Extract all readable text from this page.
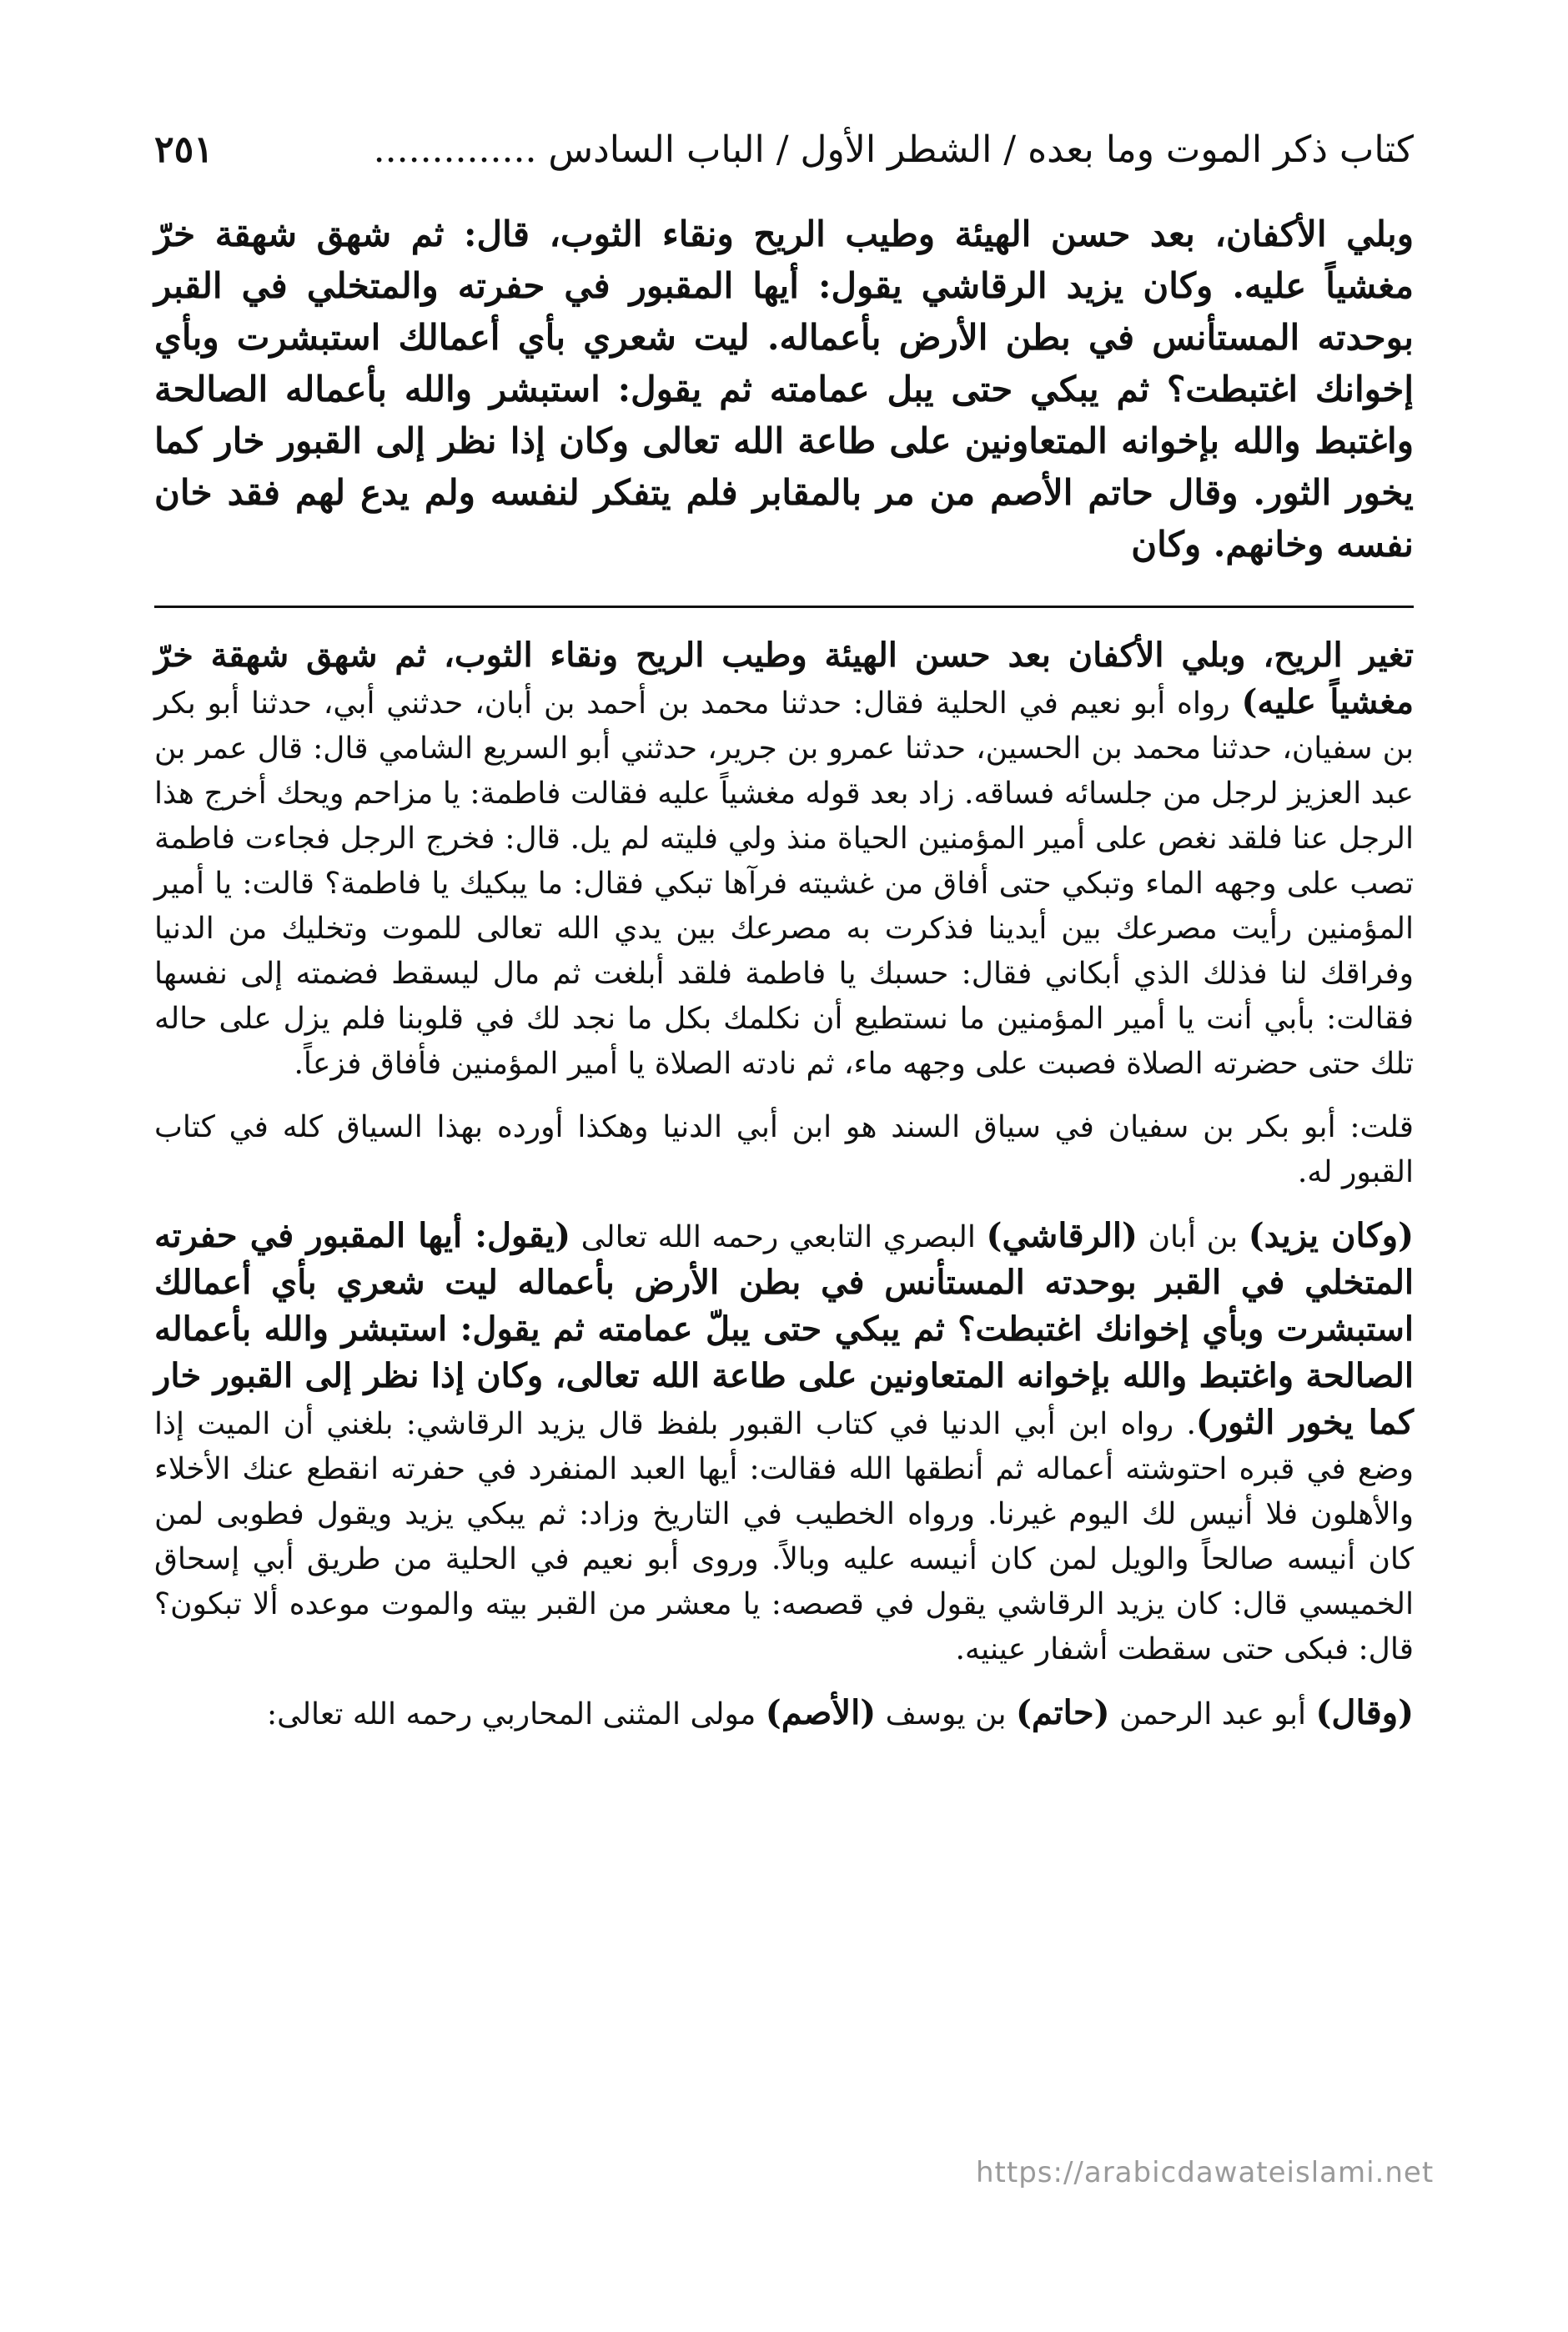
كتاب ذكر الموت وما بعده / الشطر الأول / الباب السادس ..............
٢٥١

وبلي الأكفان، بعد حسن الهيئة وطيب الريح ونقاء الثوب، قال: ثم شهق شهقة خرّ مغشياً عليه. وكان يزيد الرقاشي يقول: أيها المقبور في حفرته والمتخلي في القبر بوحدته المستأنس في بطن الأرض بأعماله. ليت شعري بأي أعمالك استبشرت وبأي إخوانك اغتبطت؟ ثم يبكي حتى يبل عمامته ثم يقول: استبشر والله بأعماله الصالحة واغتبط والله بإخوانه المتعاونين على طاعة الله تعالى وكان إذا نظر إلى القبور خار كما يخور الثور. وقال حاتم الأصم من مر بالمقابر فلم يتفكر لنفسه ولم يدع لهم فقد خان نفسه وخانهم. وكان

تغير الريح، وبلي الأكفان بعد حسن الهيئة وطيب الريح ونقاء الثوب، ثم شهق شهقة خرّ مغشياً عليه) رواه أبو نعيم في الحلية فقال: حدثنا محمد بن أحمد بن أبان، حدثني أبي، حدثنا أبو بكر بن سفيان، حدثنا محمد بن الحسين، حدثنا عمرو بن جرير، حدثني أبو السريع الشامي قال: قال عمر بن عبد العزيز لرجل من جلسائه فساقه. زاد بعد قوله مغشياً عليه فقالت فاطمة: يا مزاحم ويحك أخرج هذا الرجل عنا فلقد نغص على أمير المؤمنين الحياة منذ ولي فليته لم يل. قال: فخرج الرجل فجاءت فاطمة تصب على وجهه الماء وتبكي حتى أفاق من غشيته فرآها تبكي فقال: ما يبكيك يا فاطمة؟ قالت: يا أمير المؤمنين رأيت مصرعك بين أيدينا فذكرت به مصرعك بين يدي الله تعالى للموت وتخليك من الدنيا وفراقك لنا فذلك الذي أبكاني فقال: حسبك يا فاطمة فلقد أبلغت ثم مال ليسقط فضمته إلى نفسها فقالت: بأبي أنت يا أمير المؤمنين ما نستطيع أن نكلمك بكل ما نجد لك في قلوبنا فلم يزل على حاله تلك حتى حضرته الصلاة فصبت على وجهه ماء، ثم نادته الصلاة يا أمير المؤمنين فأفاق فزعاً.

قلت: أبو بكر بن سفيان في سياق السند هو ابن أبي الدنيا وهكذا أورده بهذا السياق كله في كتاب القبور له.

(وكان يزيد) بن أبان (الرقاشي) البصري التابعي رحمه الله تعالى (يقول: أيها المقبور في حفرته المتخلي في القبر بوحدته المستأنس في بطن الأرض بأعماله ليت شعري بأي أعمالك استبشرت وبأي إخوانك اغتبطت؟ ثم يبكي حتى يبلّ عمامته ثم يقول: استبشر والله بأعماله الصالحة واغتبط والله بإخوانه المتعاونين على طاعة الله تعالى، وكان إذا نظر إلى القبور خار كما يخور الثور). رواه ابن أبي الدنيا في كتاب القبور بلفظ قال يزيد الرقاشي: بلغني أن الميت إذا وضع في قبره احتوشته أعماله ثم أنطقها الله فقالت: أيها العبد المنفرد في حفرته انقطع عنك الأخلاء والأهلون فلا أنيس لك اليوم غيرنا. ورواه الخطيب في التاريخ وزاد: ثم يبكي يزيد ويقول فطوبى لمن كان أنيسه صالحاً والويل لمن كان أنيسه عليه وبالاً. وروى أبو نعيم في الحلية من طريق أبي إسحاق الخميسي قال: كان يزيد الرقاشي يقول في قصصه: يا معشر من القبر بيته والموت موعده ألا تبكون؟ قال: فبكى حتى سقطت أشفار عينيه.

(وقال) أبو عبد الرحمن (حاتم) بن يوسف (الأصم) مولى المثنى المحاربي رحمه الله تعالى:

https://arabicdawateislami.net
